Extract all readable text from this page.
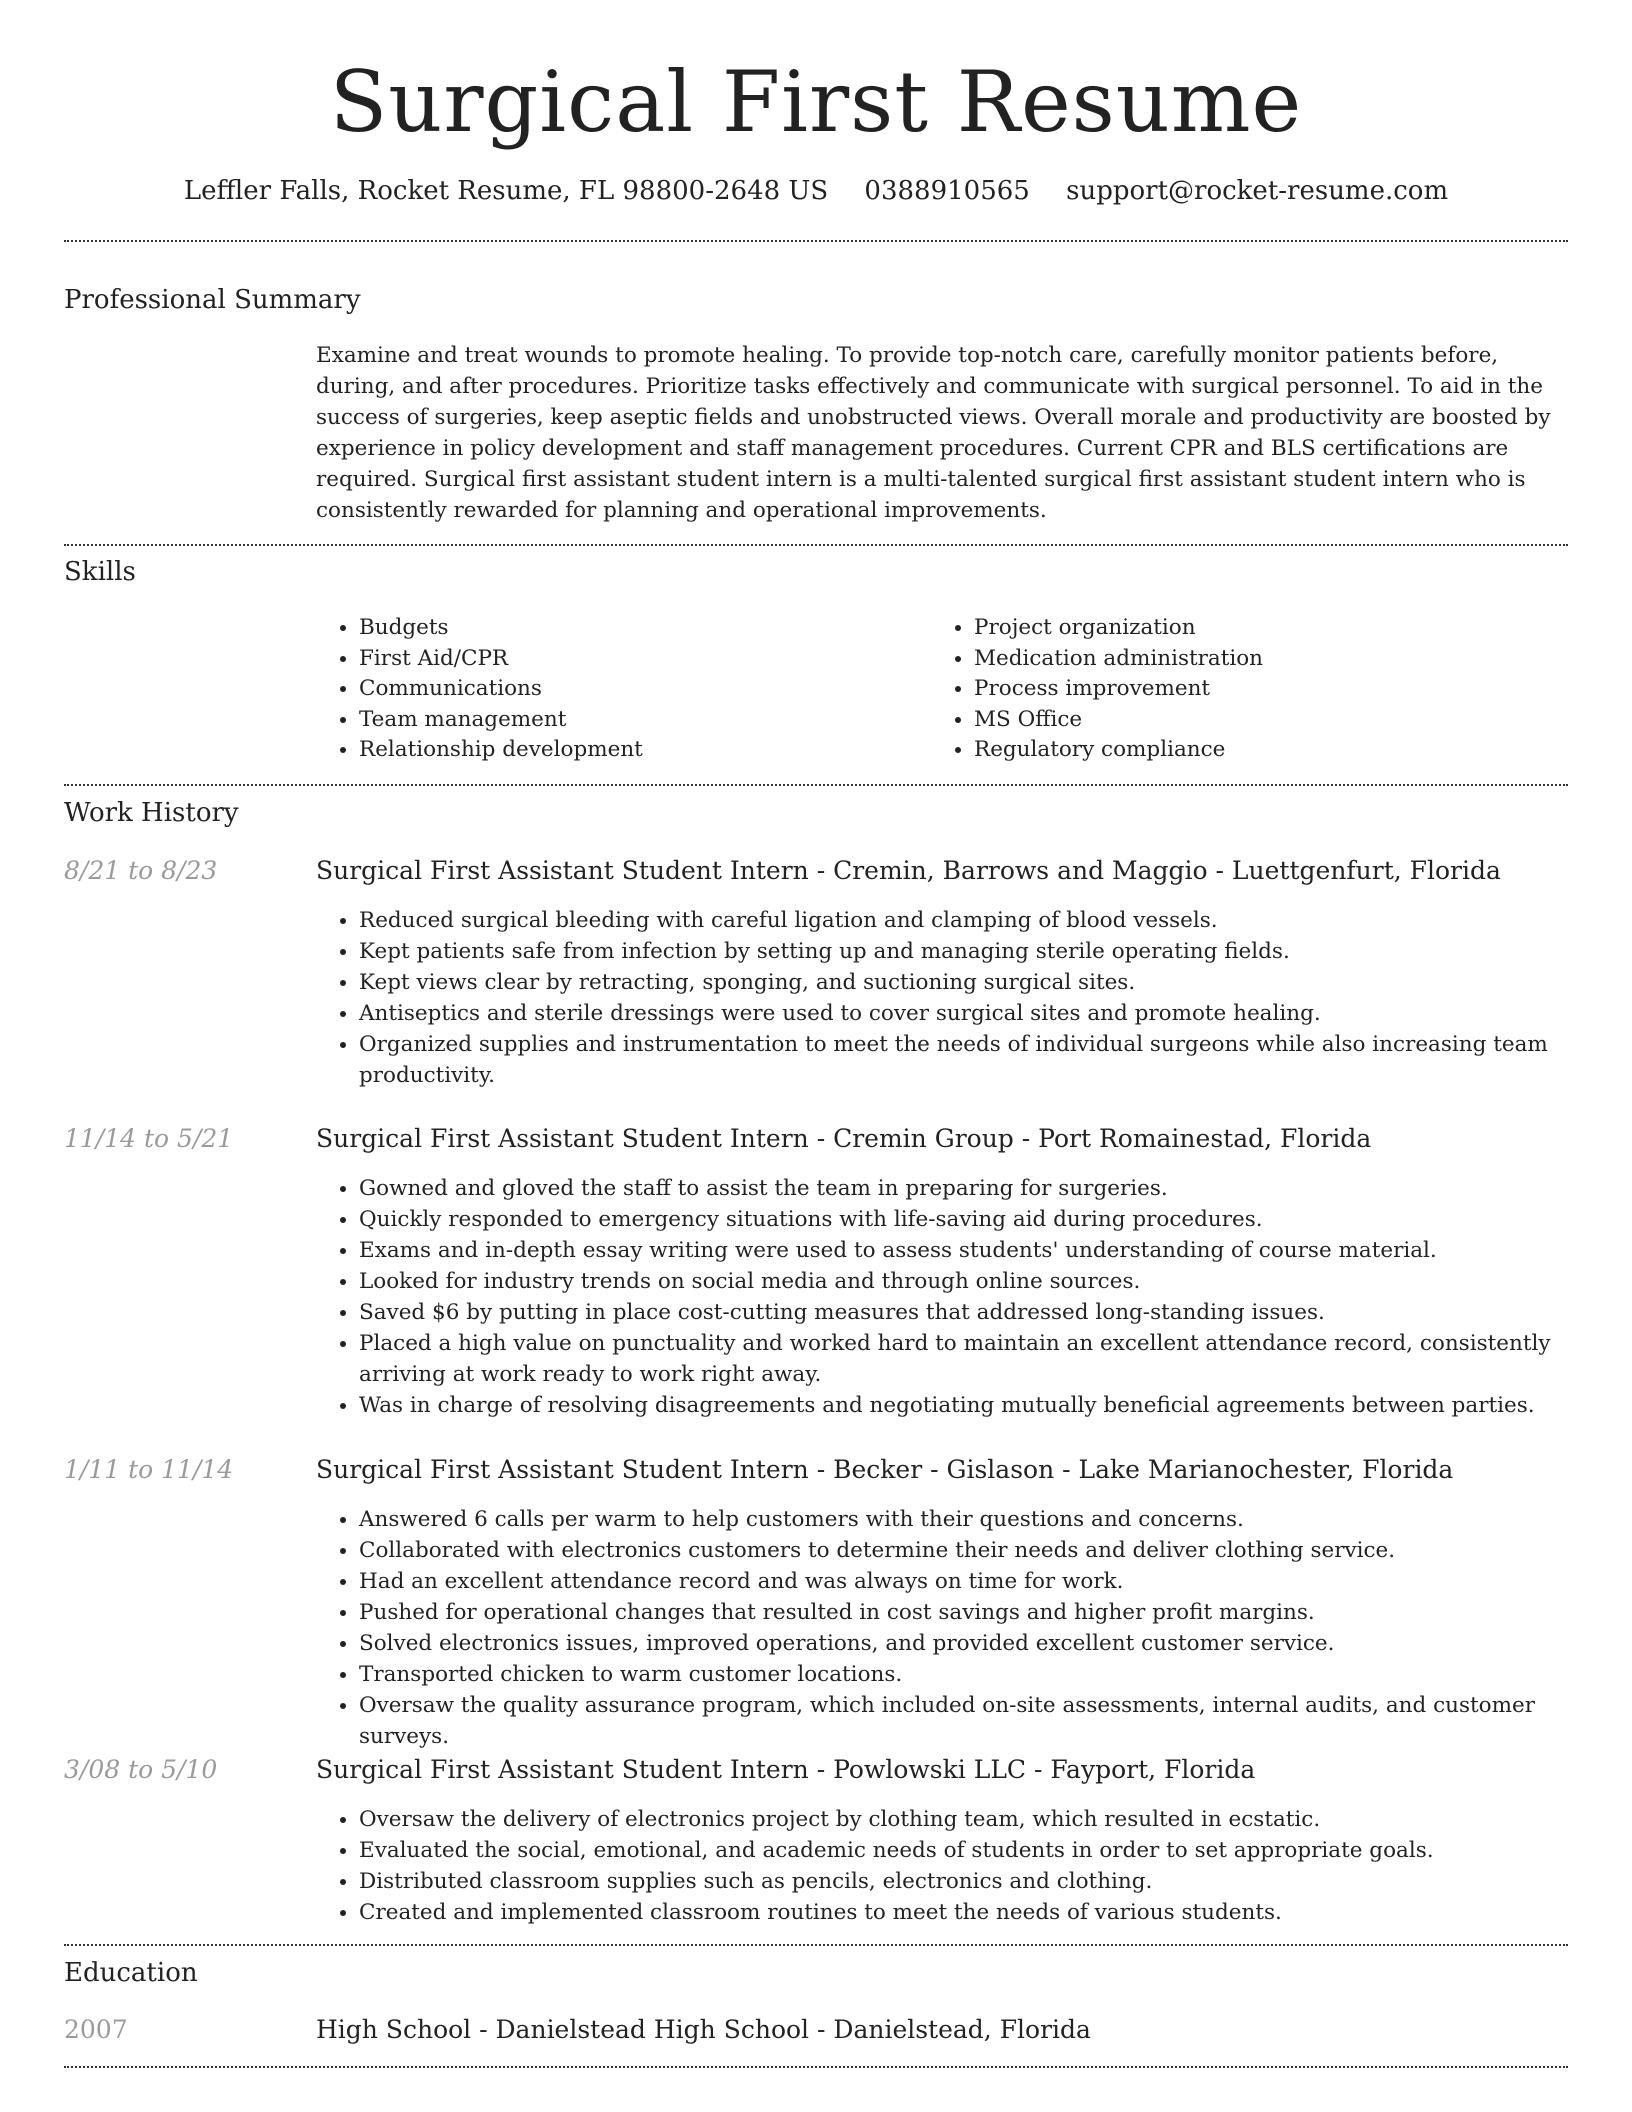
Surgical First Resume
Leffler Falls, Rocket Resume, FL 98800-2648 US 0388910565 support@rocket-resume.com
Professional Summary
Examine and treat wounds to promote healing. To provide top-notch care, carefully monitor patients before, during, and after procedures. Prioritize tasks effectively and communicate with surgical personnel. To aid in the success of surgeries, keep aseptic fields and unobstructed views. Overall morale and productivity are boosted by experience in policy development and staff management procedures. Current CPR and BLS certifications are required. Surgical first assistant student intern is a multi-talented surgical first assistant student intern who is consistently rewarded for planning and operational improvements.
Skills
• Budgets
• First Aid/CPR
• Communications
• Team management
• Relationship development
• Project organization
• Medication administration
• Process improvement
• MS Office
• Regulatory compliance
Work History
8/21 to 8/23	Surgical First Assistant Student Intern - Cremin, Barrows and Maggio - Luettgenfurt, Florida
• Reduced surgical bleeding with careful ligation and clamping of blood vessels.
• Kept patients safe from infection by setting up and managing sterile operating fields.
• Kept views clear by retracting, sponging, and suctioning surgical sites.
• Antiseptics and sterile dressings were used to cover surgical sites and promote healing.
• Organized supplies and instrumentation to meet the needs of individual surgeons while also increasing team productivity.
11/14 to 5/21	Surgical First Assistant Student Intern - Cremin Group - Port Romainestad, Florida
• Gowned and gloved the staff to assist the team in preparing for surgeries.
• Quickly responded to emergency situations with life-saving aid during procedures.
• Exams and in-depth essay writing were used to assess students' understanding of course material.
• Looked for industry trends on social media and through online sources.
• Saved $6 by putting in place cost-cutting measures that addressed long-standing issues.
• Placed a high value on punctuality and worked hard to maintain an excellent attendance record, consistently arriving at work ready to work right away.
• Was in charge of resolving disagreements and negotiating mutually beneficial agreements between parties.
1/11 to 11/14	Surgical First Assistant Student Intern - Becker - Gislason - Lake Marianochester, Florida
• Answered 6 calls per warm to help customers with their questions and concerns.
• Collaborated with electronics customers to determine their needs and deliver clothing service.
• Had an excellent attendance record and was always on time for work.
• Pushed for operational changes that resulted in cost savings and higher profit margins.
• Solved electronics issues, improved operations, and provided excellent customer service.
• Transported chicken to warm customer locations.
• Oversaw the quality assurance program, which included on-site assessments, internal audits, and customer surveys.
3/08 to 5/10	Surgical First Assistant Student Intern - Powlowski LLC - Fayport, Florida
• Oversaw the delivery of electronics project by clothing team, which resulted in ecstatic.
• Evaluated the social, emotional, and academic needs of students in order to set appropriate goals.
• Distributed classroom supplies such as pencils, electronics and clothing.
• Created and implemented classroom routines to meet the needs of various students.
Education
2007	High School - Danielstead High School - Danielstead, Florida
